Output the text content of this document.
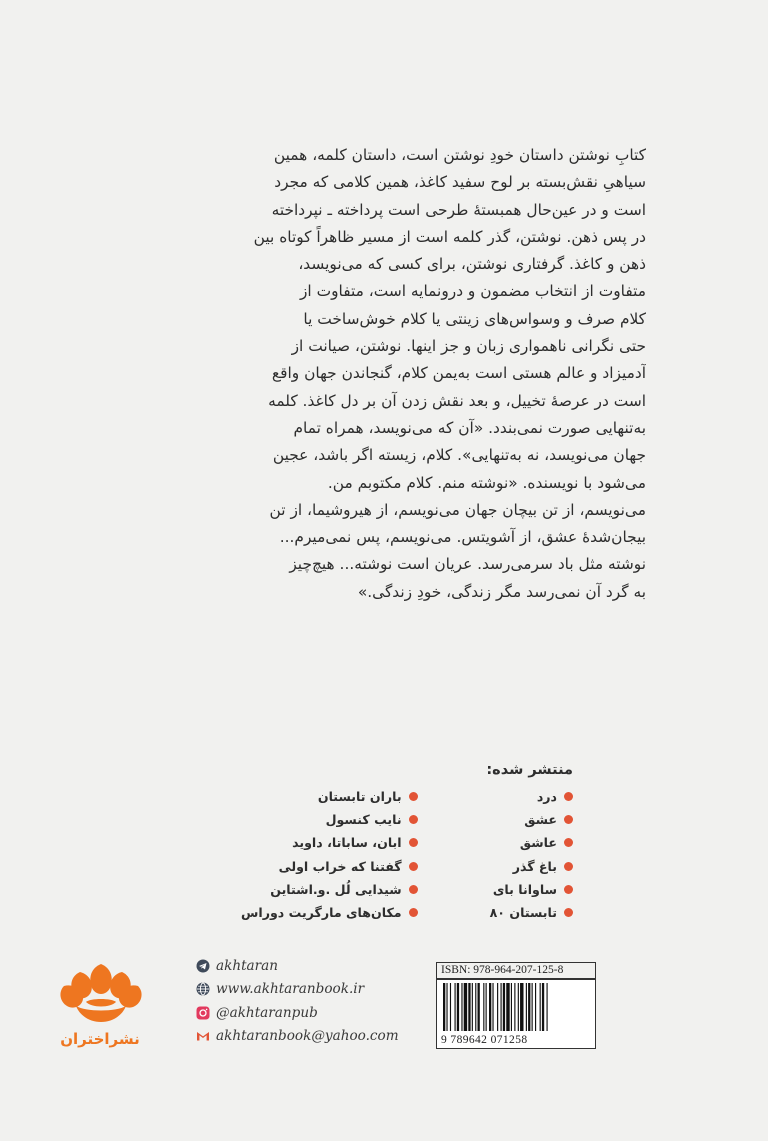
کتابِ نوشتن داستان خودِ نوشتن است، داستان کلمه، همین
سیاهیِ نقش‌بسته بر لوح سفید کاغذ، همین کلامی که مجرد
است و در عین‌حال همبستهٔ طرحی است پرداخته ـ نپرداخته
در پس ذهن. نوشتن، گذر کلمه است از مسیر ظاهراً کوتاه بین
ذهن و کاغذ. گرفتاری نوشتن، برای کسی که می‌نویسد،
متفاوت از انتخاب مضمون و درونمایه است، متفاوت از
کلام صرف و وسواس‌های زینتی یا کلام خوش‌ساخت یا
حتی نگرانی ناهمواری زبان و جز اینها. نوشتن، صیانت از
آدمیزاد و عالم هستی است به‌یمن کلام، گنجاندن جهان واقع
است در عرصهٔ تخییل، و بعد نقش زدن آن بر دل کاغذ. کلمه
به‌تنهایی صورت نمی‌بندد. «آن که می‌نویسد، همراه تمام
جهان می‌نویسد، نه به‌تنهایی». کلام، زیسته اگر باشد، عجین
می‌شود با نویسنده. «نوشته منم. کلام مکتوبم من.
می‌نویسم، از تن بیچان جهان می‌نویسم، از هیروشیما، از تن
بیجان‌شدهٔ عشق، از آشویتس. می‌نویسم، پس نمی‌میرم...
نوشته مثل باد سرمی‌رسد. عریان است نوشته... هیچ‌چیز
به گرد آن نمی‌رسد مگر زندگی، خودِ زندگی.»
منتشر شده:
درد
عشق
عاشق
باغ گذر
ساوانا بای
تابستان ۸۰
باران تابستان
نایب کنسول
ابان، ساباتا، داوید
گفتنا که خراب اولی
شیدایی لُل .و.اشتاین
مکان‌های مارگریت دوراس
نشراختران
akhtaran
www.akhtaranbook.ir
@akhtaranpub
akhtaranbook@yahoo.com
ISBN: 978-964-207-125-8
9 789642 071258
